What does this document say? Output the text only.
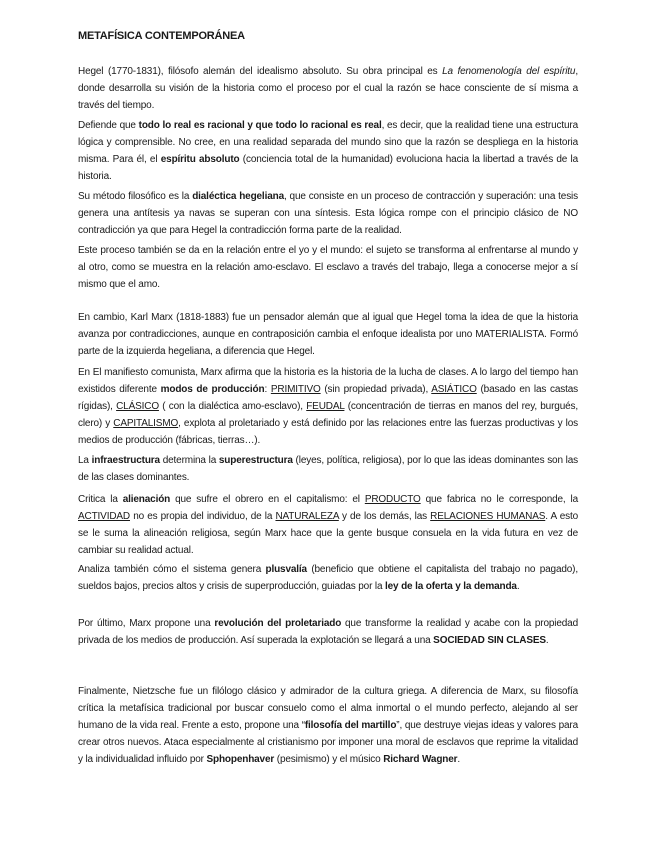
METAFÍSICA CONTEMPORÁNEA

Hegel (1770-1831), filósofo alemán del idealismo absoluto. Su obra principal es La fenomenología del espíritu, donde desarrolla su visión de la historia como el proceso por el cual la razón se hace consciente de sí misma a través del tiempo.

Defiende que todo lo real es racional y que todo lo racional es real, es decir, que la realidad tiene una estructura lógica y comprensible. No cree, en una realidad separada del mundo sino que la razón se despliega en la historia misma. Para él, el espíritu absoluto (conciencia total de la humanidad) evoluciona hacia la libertad a través de la historia.

Su método filosófico es la dialéctica hegeliana, que consiste en un proceso de contracción y superación: una tesis genera una antítesis ya navas se superan con una síntesis. Esta lógica rompe con el principio clásico de NO contradicción ya que para Hegel la contradicción forma parte de la realidad.

Este proceso también se da en la relación entre el yo y el mundo: el sujeto se transforma al enfrentarse al mundo y al otro, como se muestra en la relación amo-esclavo. El esclavo a través del trabajo, llega a conocerse mejor a sí mismo que el amo.

En cambio, Karl Marx (1818-1883) fue un pensador alemán que al igual que Hegel toma la idea de que la historia avanza por contradicciones, aunque en contraposición cambia el enfoque idealista por uno MATERIALISTA. Formó parte de la izquierda hegeliana, a diferencia que Hegel.

En El manifiesto comunista, Marx afirma que la historia es la historia de la lucha de clases. A lo largo del tiempo han existidos diferente modos de producción: PRIMITIVO (sin propiedad privada), ASIÁTICO (basado en las castas rígidas), CLÁSICO ( con la dialéctica amo-esclavo), FEUDAL (concentración de tierras en manos del rey, burgués, clero) y CAPITALISMO, explota al proletariado y está definido por las relaciones entre las fuerzas productivas y los medios de producción (fábricas, tierras…).

La infraestructura determina la superestructura (leyes, política, religiosa), por lo que las ideas dominantes son las de las clases dominantes.

Critica la alienación que sufre el obrero en el capitalismo: el PRODUCTO que fabrica no le corresponde, la ACTIVIDAD no es propia del individuo, de la NATURALEZA y de los demás, las RELACIONES HUMANAS. A esto se le suma la alineación religiosa, según Marx hace que la gente busque consuela en la vida futura en vez de cambiar su realidad actual.

Analiza también cómo el sistema genera plusvalía (beneficio que obtiene el capitalista del trabajo no pagado), sueldos bajos, precios altos y crisis de superproducción, guiadas por la ley de la oferta y la demanda.

Por último, Marx propone una revolución del proletariado que transforme la realidad y acabe con la propiedad privada de los medios de producción. Así superada la explotación se llegará a una SOCIEDAD SIN CLASES.

Finalmente, Nietzsche fue un filólogo clásico y admirador de la cultura griega. A diferencia de Marx, su filosofía crítica la metafísica tradicional por buscar consuelo como el alma inmortal o el mundo perfecto, alejando al ser humano de la vida real. Frente a esto, propone una “filosofía del martillo”, que destruye viejas ideas y valores para crear otros nuevos. Ataca especialmente al cristianismo por imponer una moral de esclavos que reprime la vitalidad y la individualidad influido por Sphopenhaver (pesimismo) y el músico Richard Wagner.
